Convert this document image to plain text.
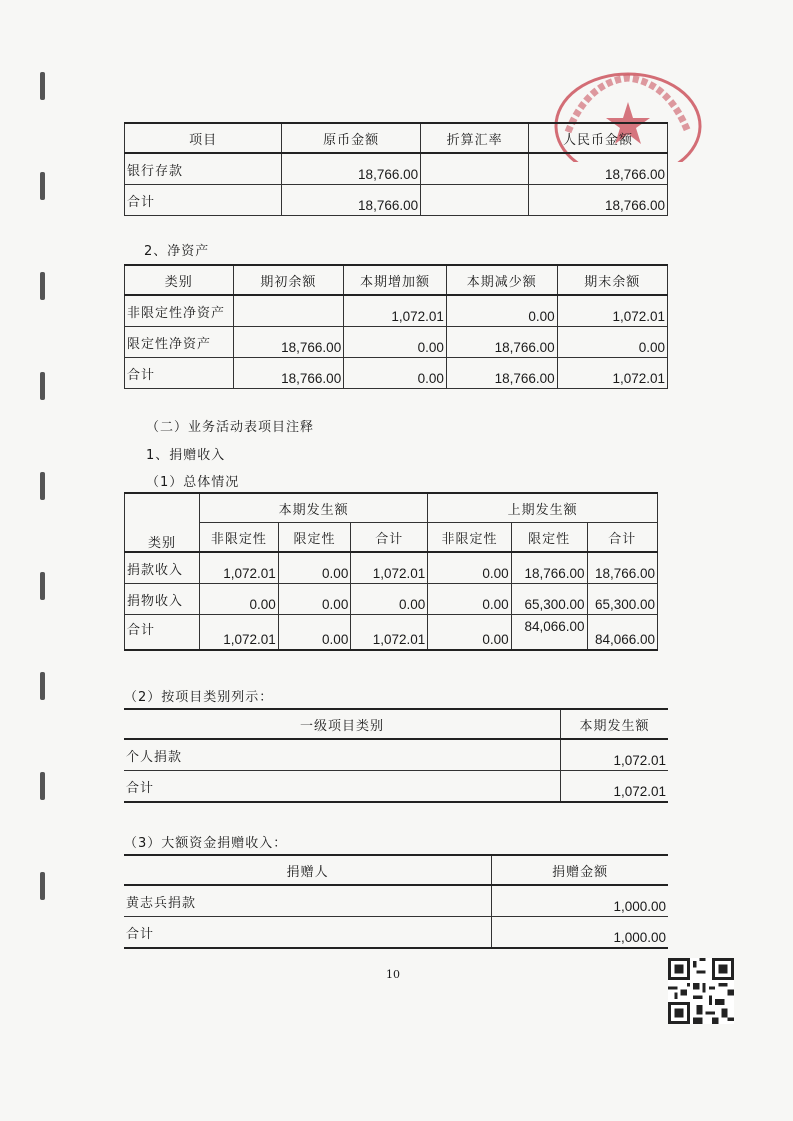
项目	原币金额	折算汇率	人民币金额
银行存款	18,766.00		18,766.00
合计	18,766.00		18,766.00
2、净资产
类别	期初余额	本期增加额	本期减少额	期末余额
非限定性净资产		1,072.01	0.00	1,072.01
限定性净资产	18,766.00	0.00	18,766.00	0.00
合计	18,766.00	0.00	18,766.00	1,072.01
（二）业务活动表项目注释
1、捐赠收入
（1）总体情况
类别	本期发生额			上期发生额		
	非限定性	限定性	合计	非限定性	限定性	合计
捐款收入	1,072.01	0.00	1,072.01	0.00	18,766.00	18,766.00
捐物收入	0.00	0.00	0.00	0.00	65,300.00	65,300.00
合计	1,072.01	0.00	1,072.01	0.00	84,066.00	84,066.00
（2）按项目类别列示：
一级项目类别	本期发生额
个人捐款	1,072.01
合计	1,072.01
（3）大额资金捐赠收入：
捐赠人	捐赠金额
黄志兵捐款	1,000.00
合计	1,000.00
10
